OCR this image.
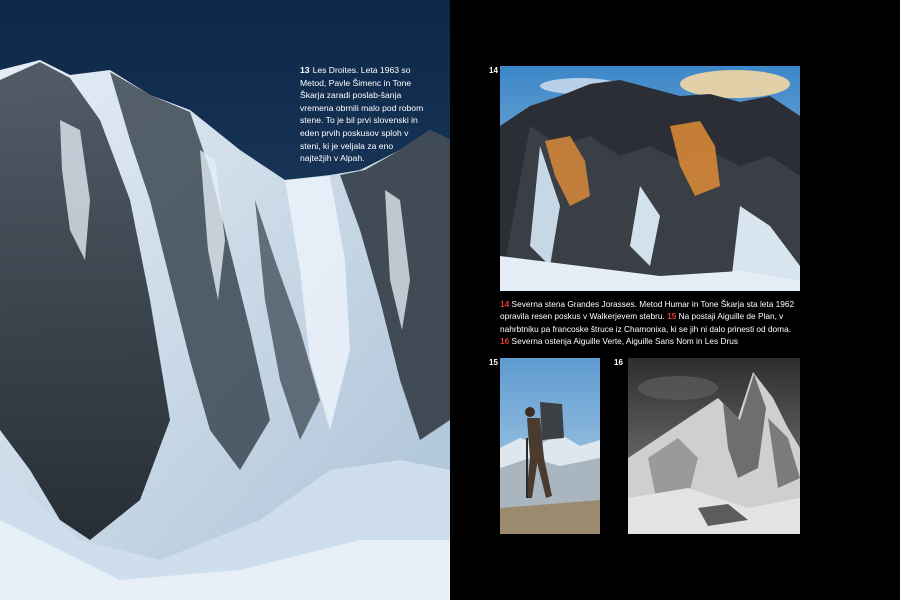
13 Les Droites. Leta 1963 so Metod, Pavle Šimenc in Tone Škarja zaradi poslab-šanja vremena obrnili malo pod robom stene. To je bil prvi slovenski in eden prvih poskusov sploh v steni, ki je veljala za eno najtežjih v Alpah.
14
14 Severna stena Grandes Jorasses. Metod Humar in Tone Škarja sta leta 1962 opravila resen poskus v Walkerjevem stebru. 15 Na postaji Aiguille de Plan, v nahrbtniku pa francoske štruce iz Chamonixa, ki se jih ni dalo prinesti od doma. 16 Severna ostenja Aiguille Verte, Aiguille Sans Nom in Les Drus
15	16
